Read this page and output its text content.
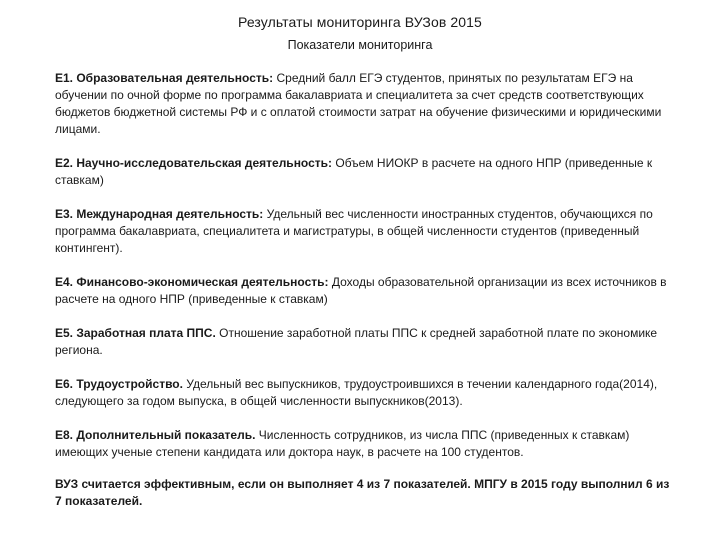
Результаты мониторинга ВУЗов 2015
Показатели мониторинга

Е1. Образовательная деятельность: Средний балл ЕГЭ студентов, принятых по результатам ЕГЭ на обучении по очной форме по программа бакалавриата и специалитета за счет средств соответствующих бюджетов бюджетной системы РФ и с оплатой стоимости затрат на обучение физическими и юридическими лицами.

Е2. Научно-исследовательская деятельность: Объем НИОКР в расчете на одного НПР (приведенные к ставкам)

Е3. Международная деятельность: Удельный вес численности иностранных студентов, обучающихся по программа бакалавриата, специалитета и магистратуры, в общей численности студентов (приведенный контингент).

Е4. Финансово-экономическая деятельность: Доходы образовательной организации из всех источников в расчете на одного НПР (приведенные к ставкам)

Е5. Заработная плата ППС. Отношение заработной платы ППС к средней заработной плате по экономике региона.

Е6. Трудоустройство. Удельный вес выпускников, трудоустроившихся в течении календарного года(2014), следующего за годом выпуска, в общей численности выпускников(2013).

Е8. Дополнительный показатель. Численность сотрудников, из числа ППС (приведенных к ставкам) имеющих ученые степени кандидата или доктора наук, в расчете на 100 студентов.

ВУЗ считается эффективным, если он выполняет 4 из 7 показателей. МПГУ в 2015 году выполнил 6 из 7 показателей.
